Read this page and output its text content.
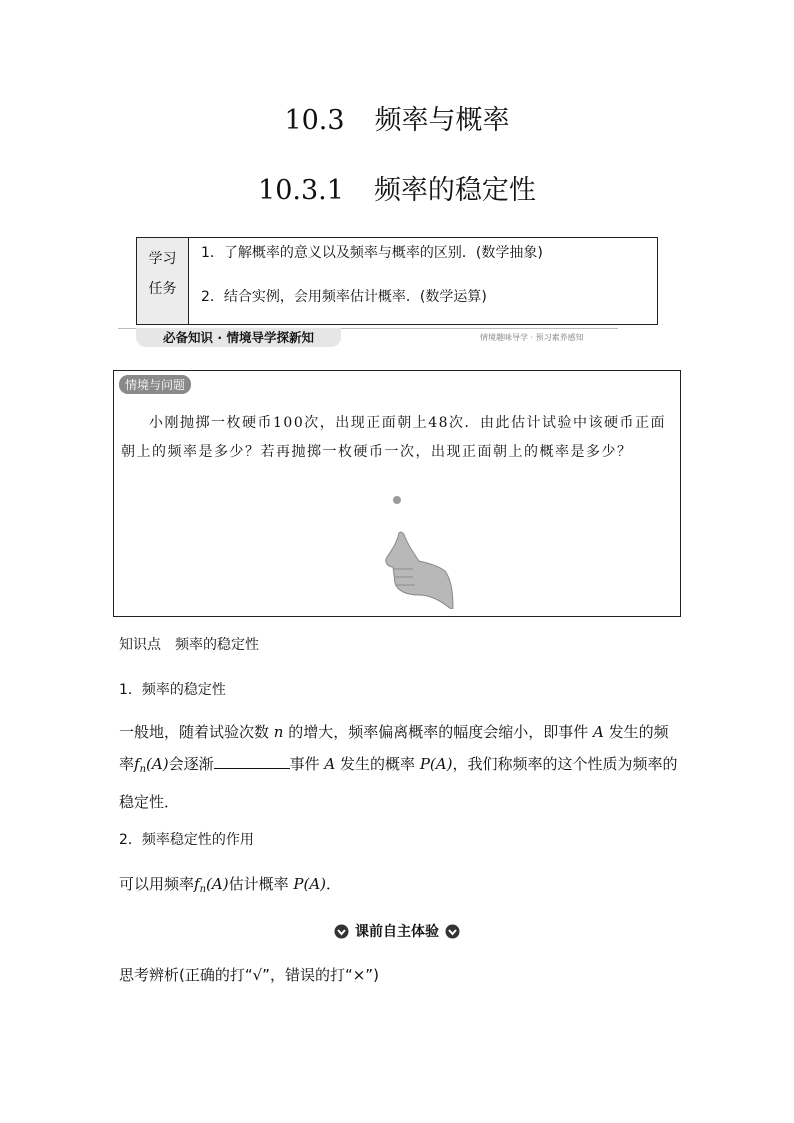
10.3 频率与概率
10.3.1 频率的稳定性
学习
任务
1．了解概率的意义以及频率与概率的区别．(数学抽象)
2．结合实例，会用频率估计概率．(数学运算)
必备知识 · 情境导学探新知	情境趣味导学 · 预习素养感知
情境与问题
小刚抛掷一枚硬币100次，出现正面朝上48次．由此估计试验中该硬币正面朝上的频率是多少？若再抛掷一枚硬币一次，出现正面朝上的概率是多少？
知识点　频率的稳定性
1．频率的稳定性
一般地，随着试验次数 n 的增大，频率偏离概率的幅度会缩小，即事件 A 发生的频率$f_n(A)$会逐渐	事件 A 发生的概率 P(A)，我们称频率的这个性质为频率的稳定性．
2．频率稳定性的作用
可以用频率$f_n(A)$估计概率 P(A)．
课前自主体验
思考辨析(正确的打“√”，错误的打“×”)
